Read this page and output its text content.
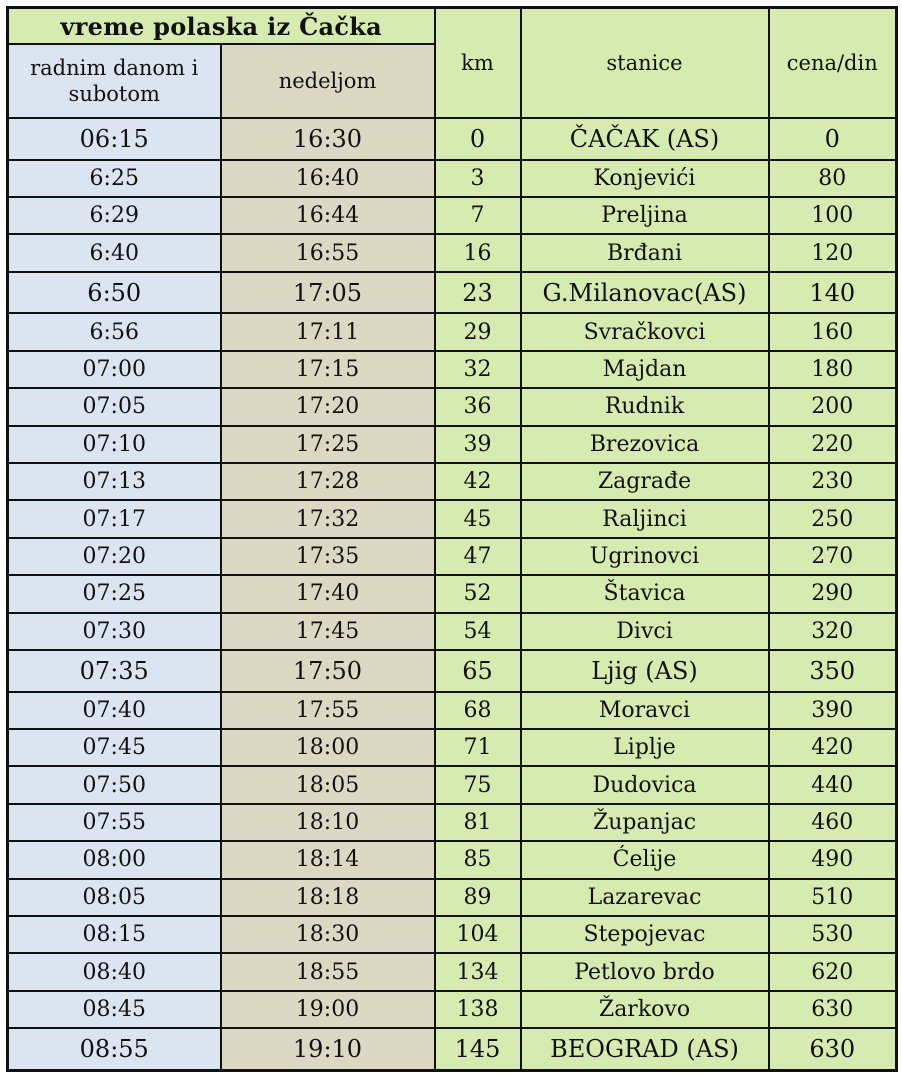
vreme polaska iz Čačka		km	stanice	cena/din
radnim danom i subotom	nedeljom			
06:15	16:30	0	ČAČAK (AS)	0
6:25	16:40	3	Konjevići	80
6:29	16:44	7	Preljina	100
6:40	16:55	16	Brđani	120
6:50	17:05	23	G.Milanovac(AS)	140
6:56	17:11	29	Svračkovci	160
07:00	17:15	32	Majdan	180
07:05	17:20	36	Rudnik	200
07:10	17:25	39	Brezovica	220
07:13	17:28	42	Zagrađe	230
07:17	17:32	45	Raljinci	250
07:20	17:35	47	Ugrinovci	270
07:25	17:40	52	Štavica	290
07:30	17:45	54	Divci	320
07:35	17:50	65	Ljig (AS)	350
07:40	17:55	68	Moravci	390
07:45	18:00	71	Liplje	420
07:50	18:05	75	Dudovica	440
07:55	18:10	81	Županjac	460
08:00	18:14	85	Ćelije	490
08:05	18:18	89	Lazarevac	510
08:15	18:30	104	Stepojevac	530
08:40	18:55	134	Petlovo brdo	620
08:45	19:00	138	Žarkovo	630
08:55	19:10	145	BEOGRAD (AS)	630
